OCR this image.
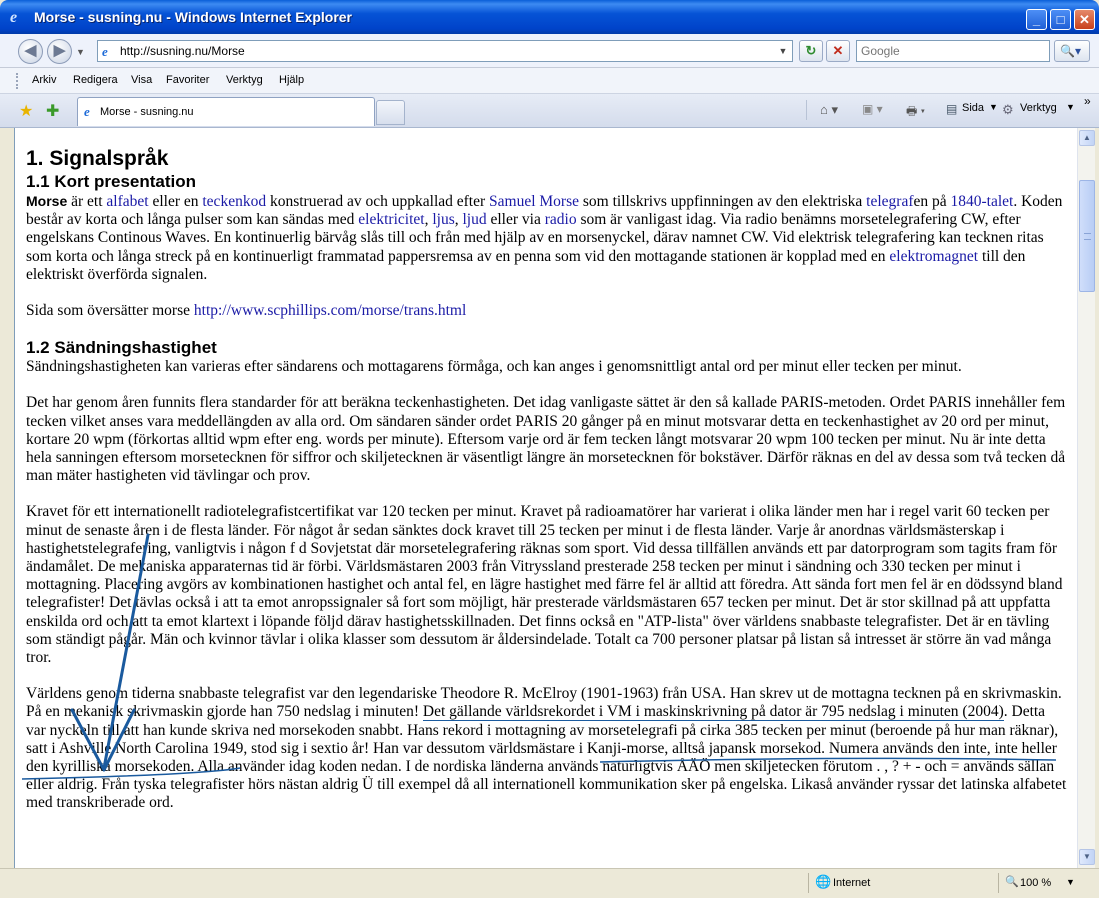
e Morse - susning.nu - Windows Internet Explorer	_	□	✕
◀	▶	▼ e
http://susning.nu/Morse	▼	↻	✕
Google	🔍▾
Arkiv Redigera Visa Favoriter Verktyg Hjälp
★ ✚ e Morse - susning.nu	⌂ ▾ ▣ ▾ 🖶 ▾ ▤ Sida ▼ ⚙ Verktyg ▼ »
1. Signalspråk
1.1 Kort presentation

Morse är ett alfabet eller en teckenkod konstruerad av och uppkallad efter Samuel Morse som tillskrivs uppfinningen av den elektriska telegrafen på 1840-talet. Koden består av korta och långa pulser som kan sändas med elektricitet, ljus, ljud eller via radio som är vanligast idag. Via radio benämns morsetelegrafering CW, efter engelskans Continous Waves. En kontinuerlig bärvåg slås till och från med hjälp av en morsenyckel, därav namnet CW. Vid elektrisk telegrafering kan tecknen ritas som korta och långa streck på en kontinuerligt frammatad pappersremsa av en penna som vid den mottagande stationen är kopplad med en elektromagnet till den elektriskt överförda signalen.

Sida som översätter morse http://www.scphillips.com/morse/trans.html

1.2 Sändningshastighet

Sändningshastigheten kan varieras efter sändarens och mottagarens förmåga, och kan anges i genomsnittligt antal ord per minut eller tecken per minut.

Det har genom åren funnits flera standarder för att beräkna teckenhastigheten. Det idag vanligaste sättet är den så kallade PARIS-metoden. Ordet PARIS innehåller fem tecken vilket anses vara meddellängden av alla ord. Om sändaren sänder ordet PARIS 20 gånger på en minut motsvarar detta en teckenhastighet av 20 ord per minut, kortare 20 wpm (förkortas alltid wpm efter eng. words per minute). Eftersom varje ord är fem tecken långt motsvarar 20 wpm 100 tecken per minut. Nu är inte detta hela sanningen eftersom morsetecknen för siffror och skiljetecknen är väsentligt längre än morsetecknen för bokstäver. Därför räknas en del av dessa som två tecken då man mäter hastigheten vid tävlingar och prov.

Kravet för ett internationellt radiotelegrafistcertifikat var 120 tecken per minut. Kravet på radioamatörer har varierat i olika länder men har i regel varit 60 tecken per minut de senaste åren i de flesta länder. För något år sedan sänktes dock kravet till 25 tecken per minut i de flesta länder. Varje år anordnas världsmästerskap i hastighetstelegrafering, vanligtvis i någon f d Sovjetstat där morsetelegrafering räknas som sport. Vid dessa tillfällen används ett par datorprogram som tagits fram för ändamålet. De mekaniska apparaternas tid är förbi. Världsmästaren 2003 från Vitryssland presterade 258 tecken per minut i sändning och 330 tecken per minut i mottagning. Placering avgörs av kombinationen hastighet och antal fel, en lägre hastighet med färre fel är alltid att föredra. Att sända fort men fel är en dödssynd bland telegrafister! Det tävlas också i att ta emot anropssignaler så fort som möjligt, här presterade världsmästaren 657 tecken per minut. Det är stor skillnad på att uppfatta enskilda ord och att ta emot klartext i löpande följd därav hastighetsskillnaden. Det finns också en "ATP-lista" över världens snabbaste telegrafister. Det är en tävling som ständigt pågår. Män och kvinnor tävlar i olika klasser som dessutom är åldersindelade. Totalt ca 700 personer platsar på listan så intresset är större än vad många tror.

Världens genom tiderna snabbaste telegrafist var den legendariske Theodore R. McElroy (1901-1963) från USA. Han skrev ut de mottagna tecknen på en skrivmaskin. På en mekanisk skrivmaskin gjorde han 750 nedslag i minuten! Det gällande världsrekordet i VM i maskinskrivning på dator är 795 nedslag i minuten (2004). Detta var nyckeln till att han kunde skriva ned morsekoden snabbt. Hans rekord i mottagning av morsetelegrafi på cirka 385 tecken per minut (beroende på hur man räknar), satt i Ashville North Carolina 1949, stod sig i sextio år! Han var dessutom världsmästare i Kanji-morse, alltså japansk morsekod. Numera används den inte, inte heller den kyrilliska morsekoden. Alla använder idag koden nedan. I de nordiska länderna används naturligtvis ÅÄÖ men skiljetecken förutom . , ? + - och = används sällan eller aldrig. Från tyska telegrafister hörs nästan aldrig Ü till exempel då all internationell kommunikation sker på engelska. Likaså använder ryssar det latinska alfabetet med transkriberade ord.

▲
▼
🌐 Internet	🔍 100 % ▼
